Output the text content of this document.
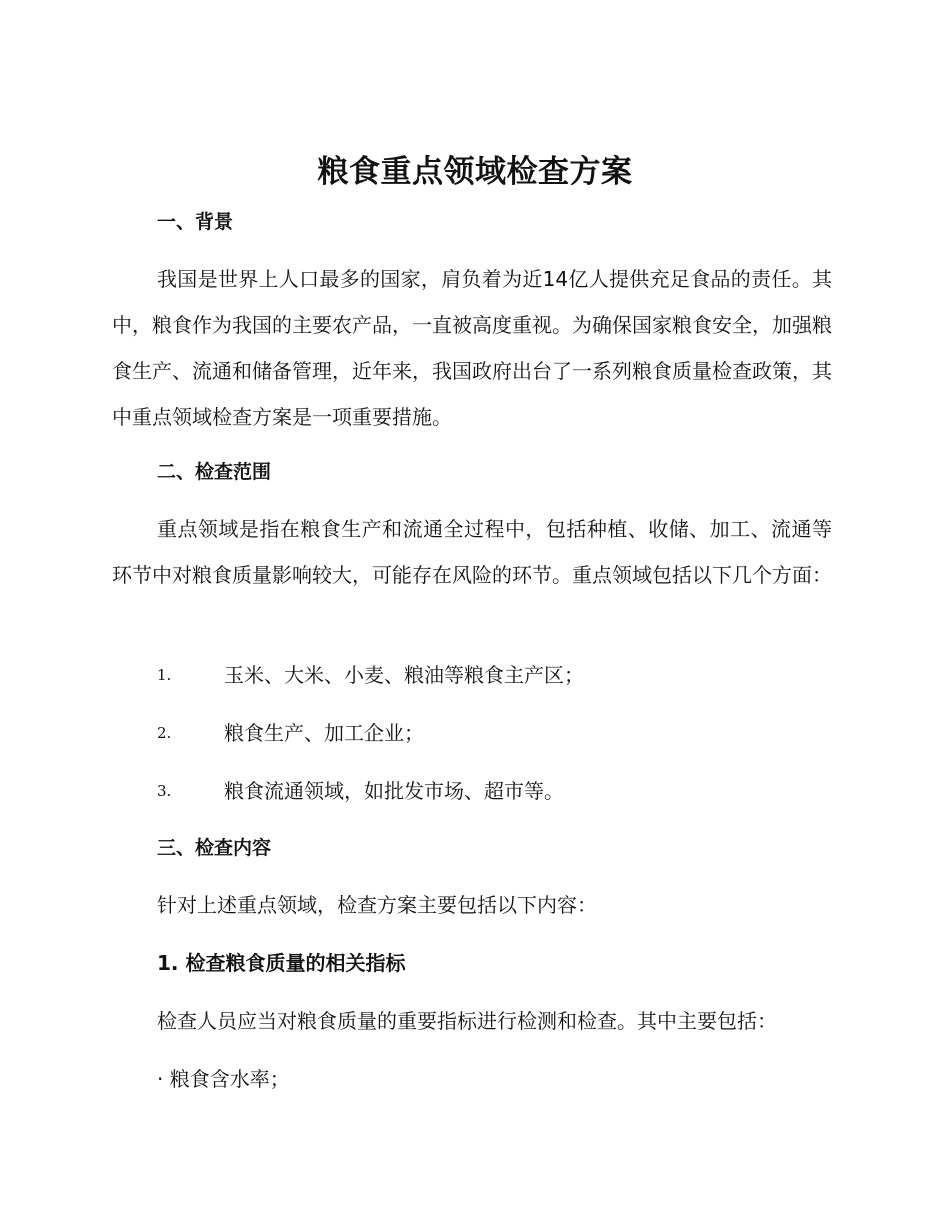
粮食重点领域检查方案
一、背景

我国是世界上人口最多的国家，肩负着为近14亿人提供充足食品的责任。其中，粮食作为我国的主要农产品，一直被高度重视。为确保国家粮食安全，加强粮食生产、流通和储备管理，近年来，我国政府出台了一系列粮食质量检查政策，其中重点领域检查方案是一项重要措施。

二、检查范围

重点领域是指在粮食生产和流通全过程中，包括种植、收储、加工、流通等环节中对粮食质量影响较大，可能存在风险的环节。重点领域包括以下几个方面：

1.	玉米、大米、小麦、粮油等粮食主产区；
2.	粮食生产、加工企业；
3.	粮食流通领域，如批发市场、超市等。
三、检查内容
针对上述重点领域，检查方案主要包括以下内容：
1. 检查粮食质量的相关指标
检查人员应当对粮食质量的重要指标进行检测和检查。其中主要包括：
· 粮食含水率；
